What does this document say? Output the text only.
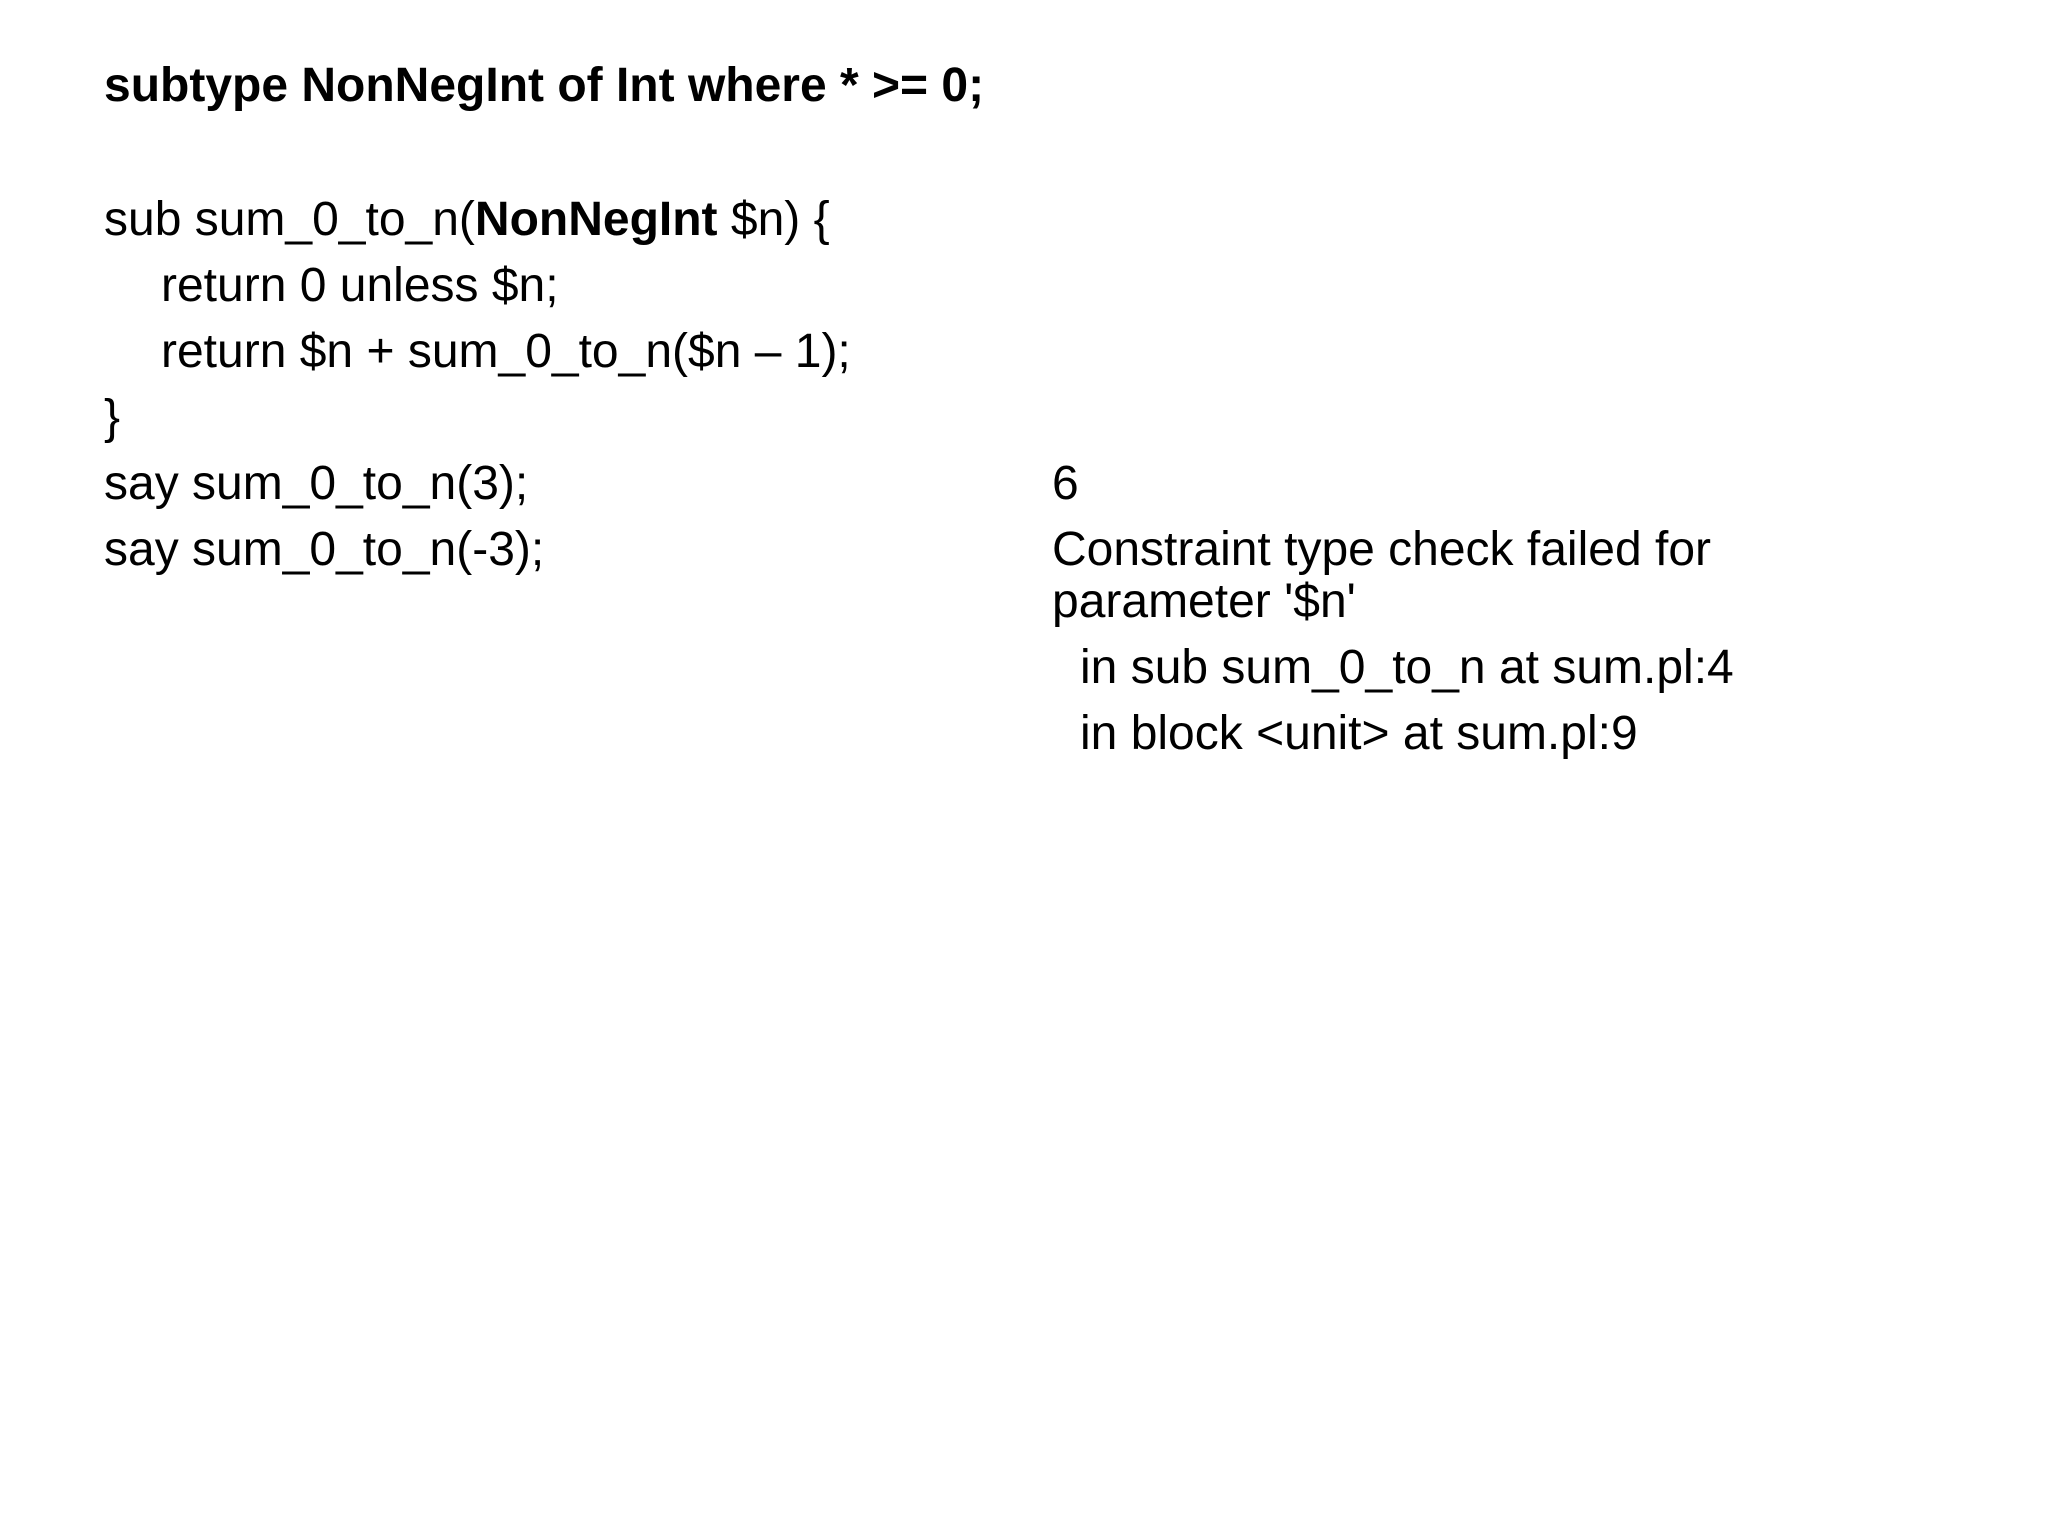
subtype NonNegInt of Int where * >= 0;
sub sum_0_to_n(NonNegInt $n) {
return 0 unless $n;
return $n + sum_0_to_n($n – 1);
}
say sum_0_to_n(3);
say sum_0_to_n(-3);
6
Constraint type check failed for
parameter '$n'
in sub sum_0_to_n at sum.pl:4
in block <unit> at sum.pl:9
